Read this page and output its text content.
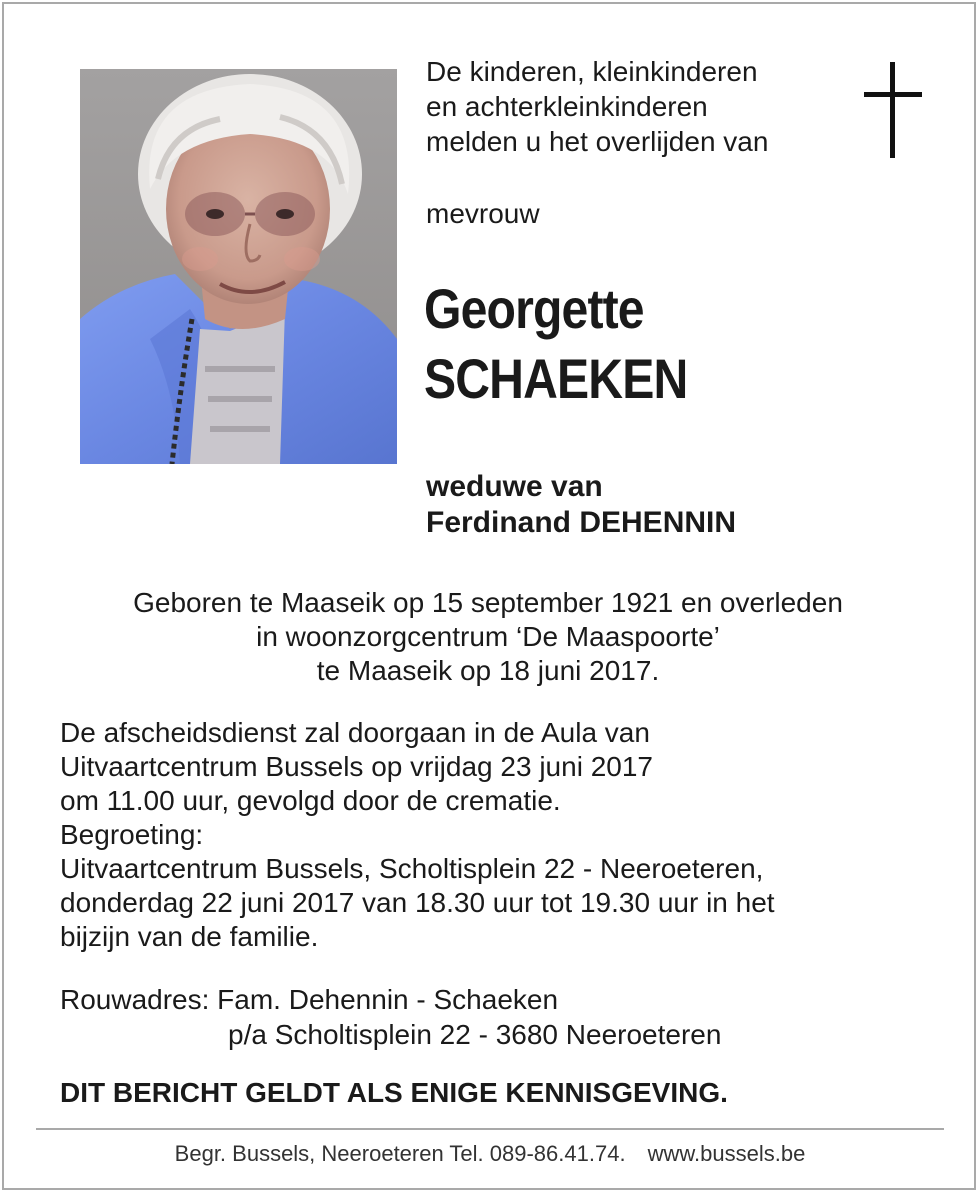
De kinderen, kleinkinderen
en achterkleinkinderen
melden u het overlijden van
mevrouw
Georgette
SCHAEKEN
weduwe van
Ferdinand DEHENNIN
Geboren te Maaseik op 15 september 1921 en overleden
in woonzorgcentrum ‘De Maaspoorte’
te Maaseik op 18 juni 2017.
De afscheidsdienst zal doorgaan in de Aula van
Uitvaartcentrum Bussels op vrijdag 23 juni 2017
om 11.00 uur, gevolgd door de crematie.
Begroeting:
Uitvaartcentrum Bussels, Scholtisplein 22 - Neeroeteren,
donderdag 22 juni 2017 van 18.30 uur tot 19.30 uur in het
bijzijn van de familie.
Rouwadres: Fam. Dehennin - Schaeken
p/a Scholtisplein 22 - 3680 Neeroeteren
DIT BERICHT GELDT ALS ENIGE KENNISGEVING.
Begr. Bussels, Neeroeteren Tel. 089-86.41.74. www.bussels.be
